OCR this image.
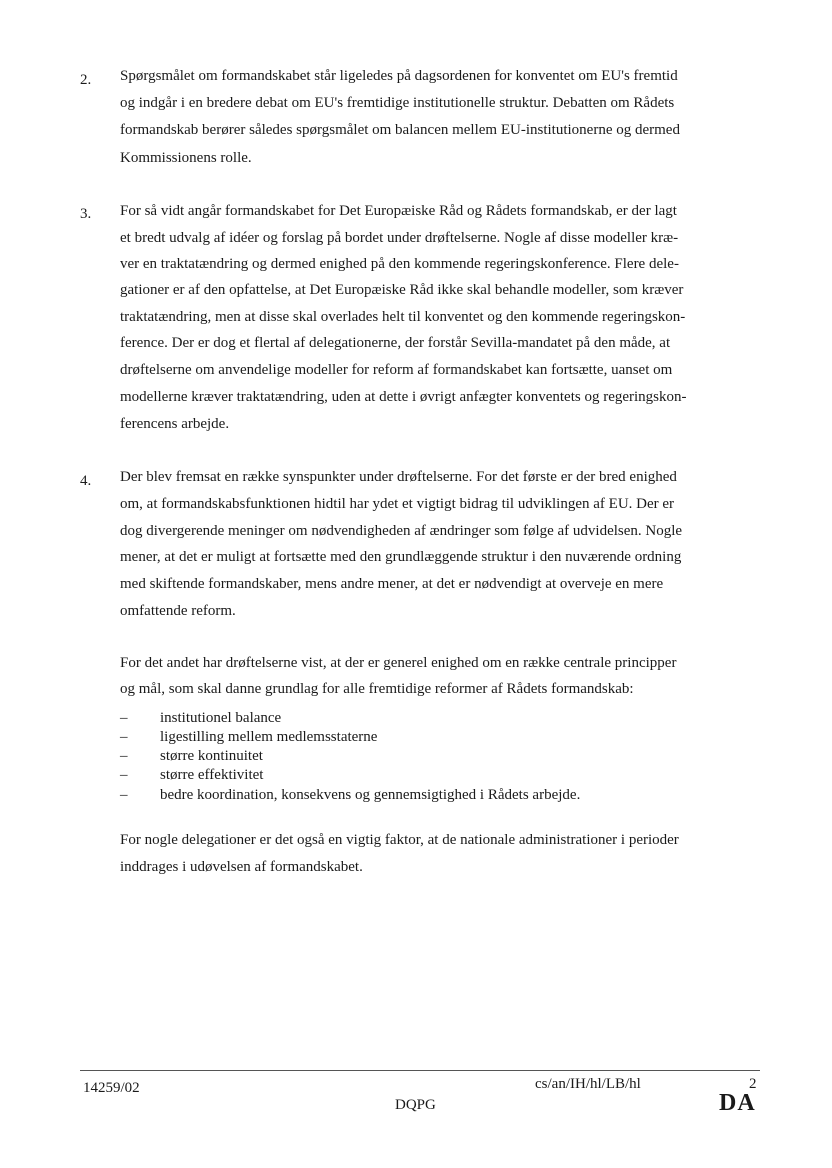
2. Spørgsmålet om formandskabet står ligeledes på dagsordenen for konventet om EU's fremtid
og indgår i en bredere debat om EU's fremtidige institutionelle struktur. Debatten om Rådets
formandskab berører således spørgsmålet om balancen mellem EU-institutionerne og dermed
Kommissionens rolle.
3. For så vidt angår formandskabet for Det Europæiske Råd og Rådets formandskab, er der lagt
et bredt udvalg af idéer og forslag på bordet under drøftelserne. Nogle af disse modeller kræ-
ver en traktatændring og dermed enighed på den kommende regeringskonference. Flere dele-
gationer er af den opfattelse, at Det Europæiske Råd ikke skal behandle modeller, som kræver
traktatændring, men at disse skal overlades helt til konventet og den kommende regeringskon-
ference. Der er dog et flertal af delegationerne, der forstår Sevilla-mandatet på den måde, at
drøftelserne om anvendelige modeller for reform af formandskabet kan fortsætte, uanset om
modellerne kræver traktatændring, uden at dette i øvrigt anfægter konventets og regeringskon-
ferencens arbejde.
4. Der blev fremsat en række synspunkter under drøftelserne. For det første er der bred enighed
om, at formandskabsfunktionen hidtil har ydet et vigtigt bidrag til udviklingen af EU. Der er
dog divergerende meninger om nødvendigheden af ændringer som følge af udvidelsen. Nogle
mener, at det er muligt at fortsætte med den grundlæggende struktur i den nuværende ordning
med skiftende formandskaber, mens andre mener, at det er nødvendigt at overveje en mere
omfattende reform.
For det andet har drøftelserne vist, at der er generel enighed om en række centrale principper
og mål, som skal danne grundlag for alle fremtidige reformer af Rådets formandskab:
– institutionel balance
– ligestilling mellem medlemsstaterne
– større kontinuitet
– større effektivitet
– bedre koordination, konsekvens og gennemsigtighed i Rådets arbejde.
For nogle delegationer er det også en vigtig faktor, at de nationale administrationer i perioder
inddrages i udøvelsen af formandskabet.
14259/02	cs/an/IH/hl/LB/hl	2
DQPG	DA
